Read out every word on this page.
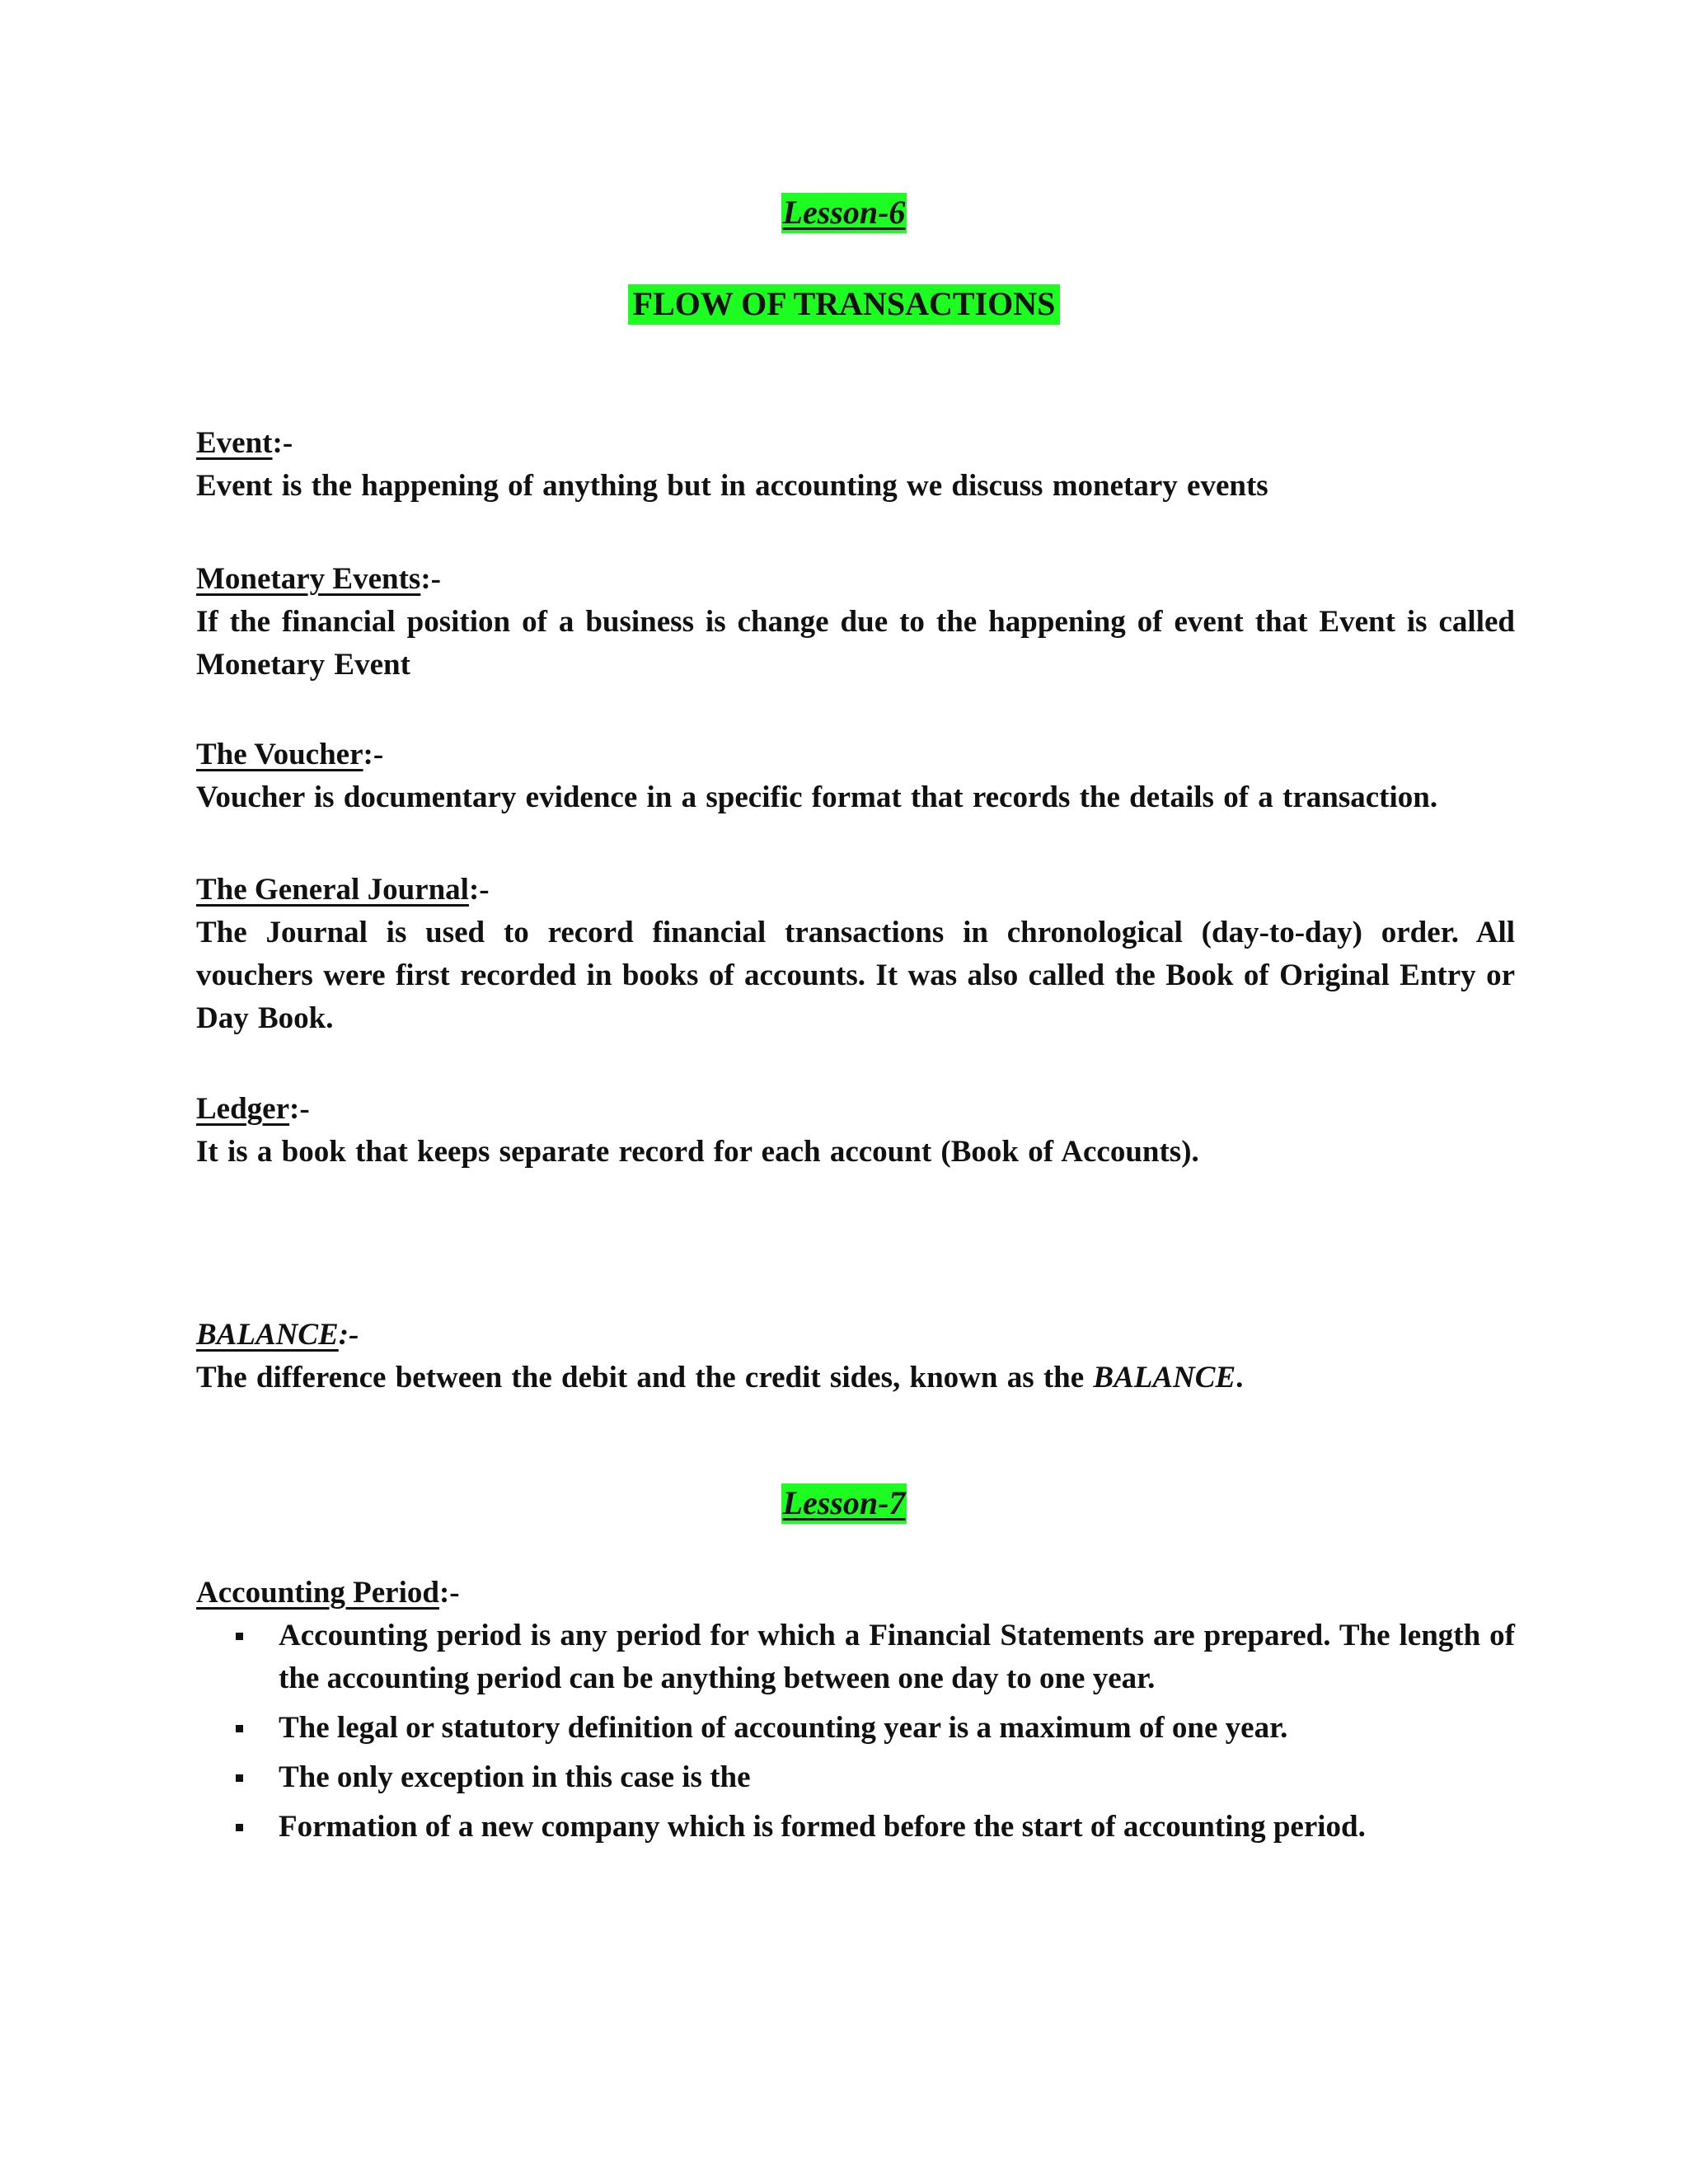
Lesson-6
FLOW OF TRANSACTIONS
Event:-
Event is the happening of anything but in accounting we discuss monetary events
Monetary Events:-
If the financial position of a business is change due to the happening of event that Event is called Monetary Event
The Voucher:-
Voucher is documentary evidence in a specific format that records the details of a transaction.
The General Journal:-
The Journal is used to record financial transactions in chronological (day-to-day) order. All vouchers were first recorded in books of accounts. It was also called the Book of Original Entry or Day Book.
Ledger:-
It is a book that keeps separate record for each account (Book of Accounts).
BALANCE:-
The difference between the debit and the credit sides, known as the BALANCE.
Lesson-7
Accounting Period:-
Accounting period is any period for which a Financial Statements are prepared. The length of the accounting period can be anything between one day to one year.
The legal or statutory definition of accounting year is a maximum of one year.
The only exception in this case is the
Formation of a new company which is formed before the start of accounting period.
